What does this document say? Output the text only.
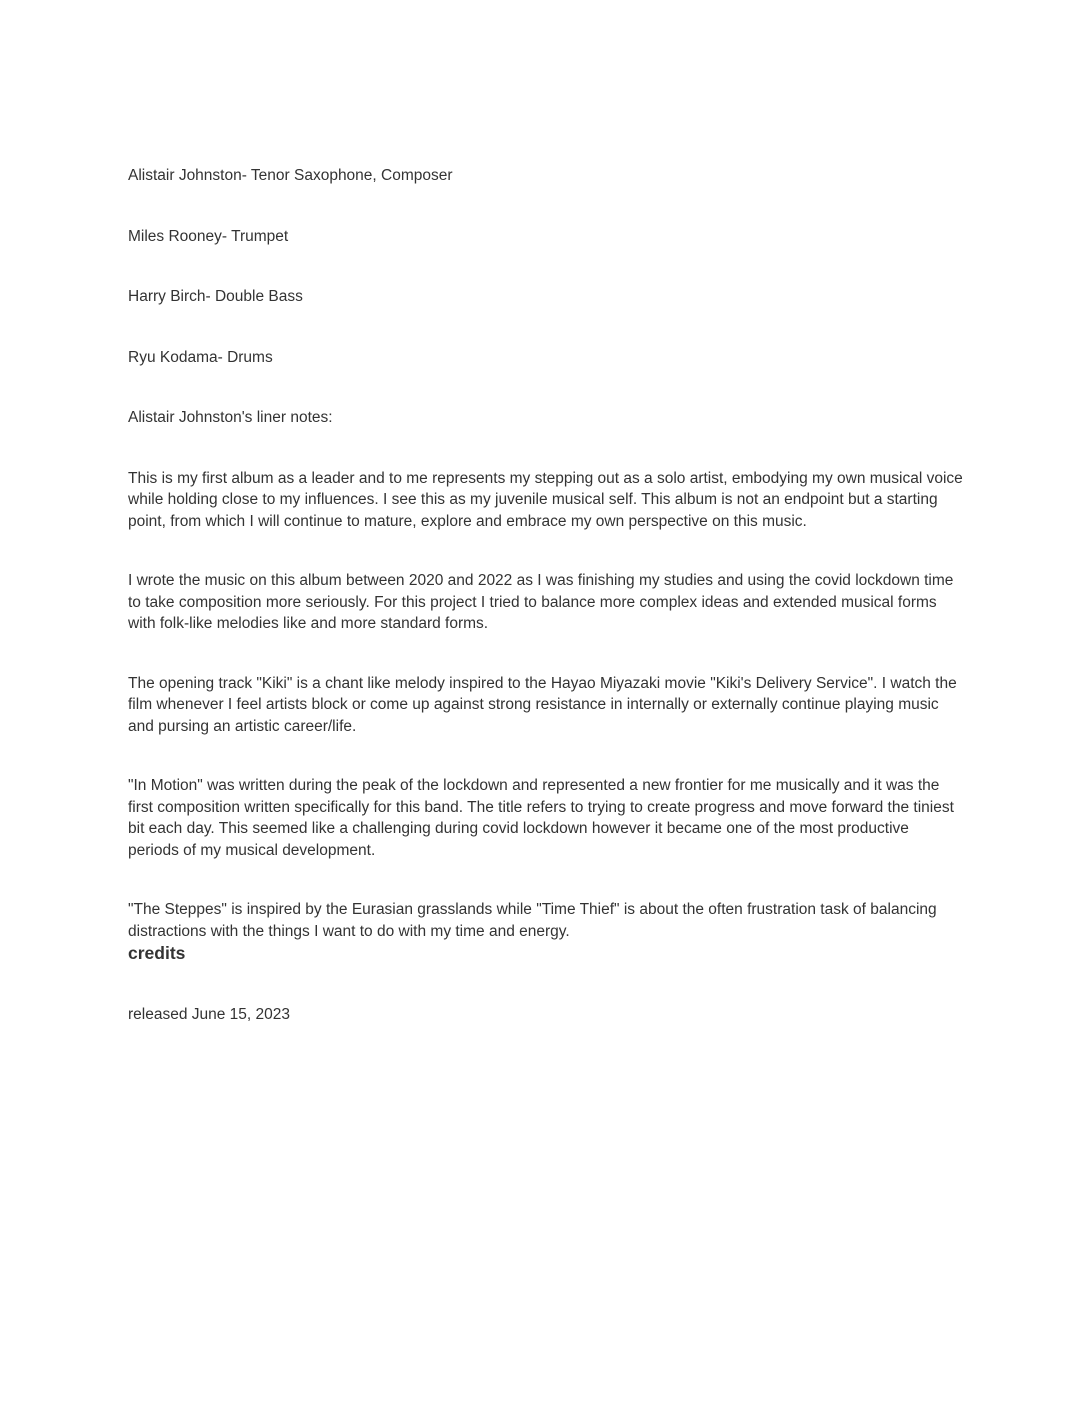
Alistair Johnston- Tenor Saxophone, Composer
Miles Rooney- Trumpet
Harry Birch- Double Bass
Ryu Kodama- Drums
Alistair Johnston's liner notes:

This is my first album as a leader and to me represents my stepping out as a solo artist, embodying my own musical voice while holding close to my influences. I see this as my juvenile musical self. This album is not an endpoint but a starting point, from which I will continue to mature, explore and embrace my own perspective on this music.

I wrote the music on this album between 2020 and 2022 as I was finishing my studies and using the covid lockdown time to take composition more seriously. For this project I tried to balance more complex ideas and extended musical forms with folk-like melodies like and more standard forms.

The opening track "Kiki" is a chant like melody inspired to the Hayao Miyazaki movie "Kiki's Delivery Service". I watch the film whenever I feel artists block or come up against strong resistance in internally or externally continue playing music and pursing an artistic career/life.

"In Motion" was written during the peak of the lockdown and represented a new frontier for me musically and it was the first composition written specifically for this band. The title refers to trying to create progress and move forward the tiniest bit each day. This seemed like a challenging during covid lockdown however it became one of the most productive periods of my musical development.

"The Steppes" is inspired by the Eurasian grasslands while "Time Thief" is about the often frustration task of balancing distractions with the things I want to do with my time and energy.

credits
released June 15, 2023
